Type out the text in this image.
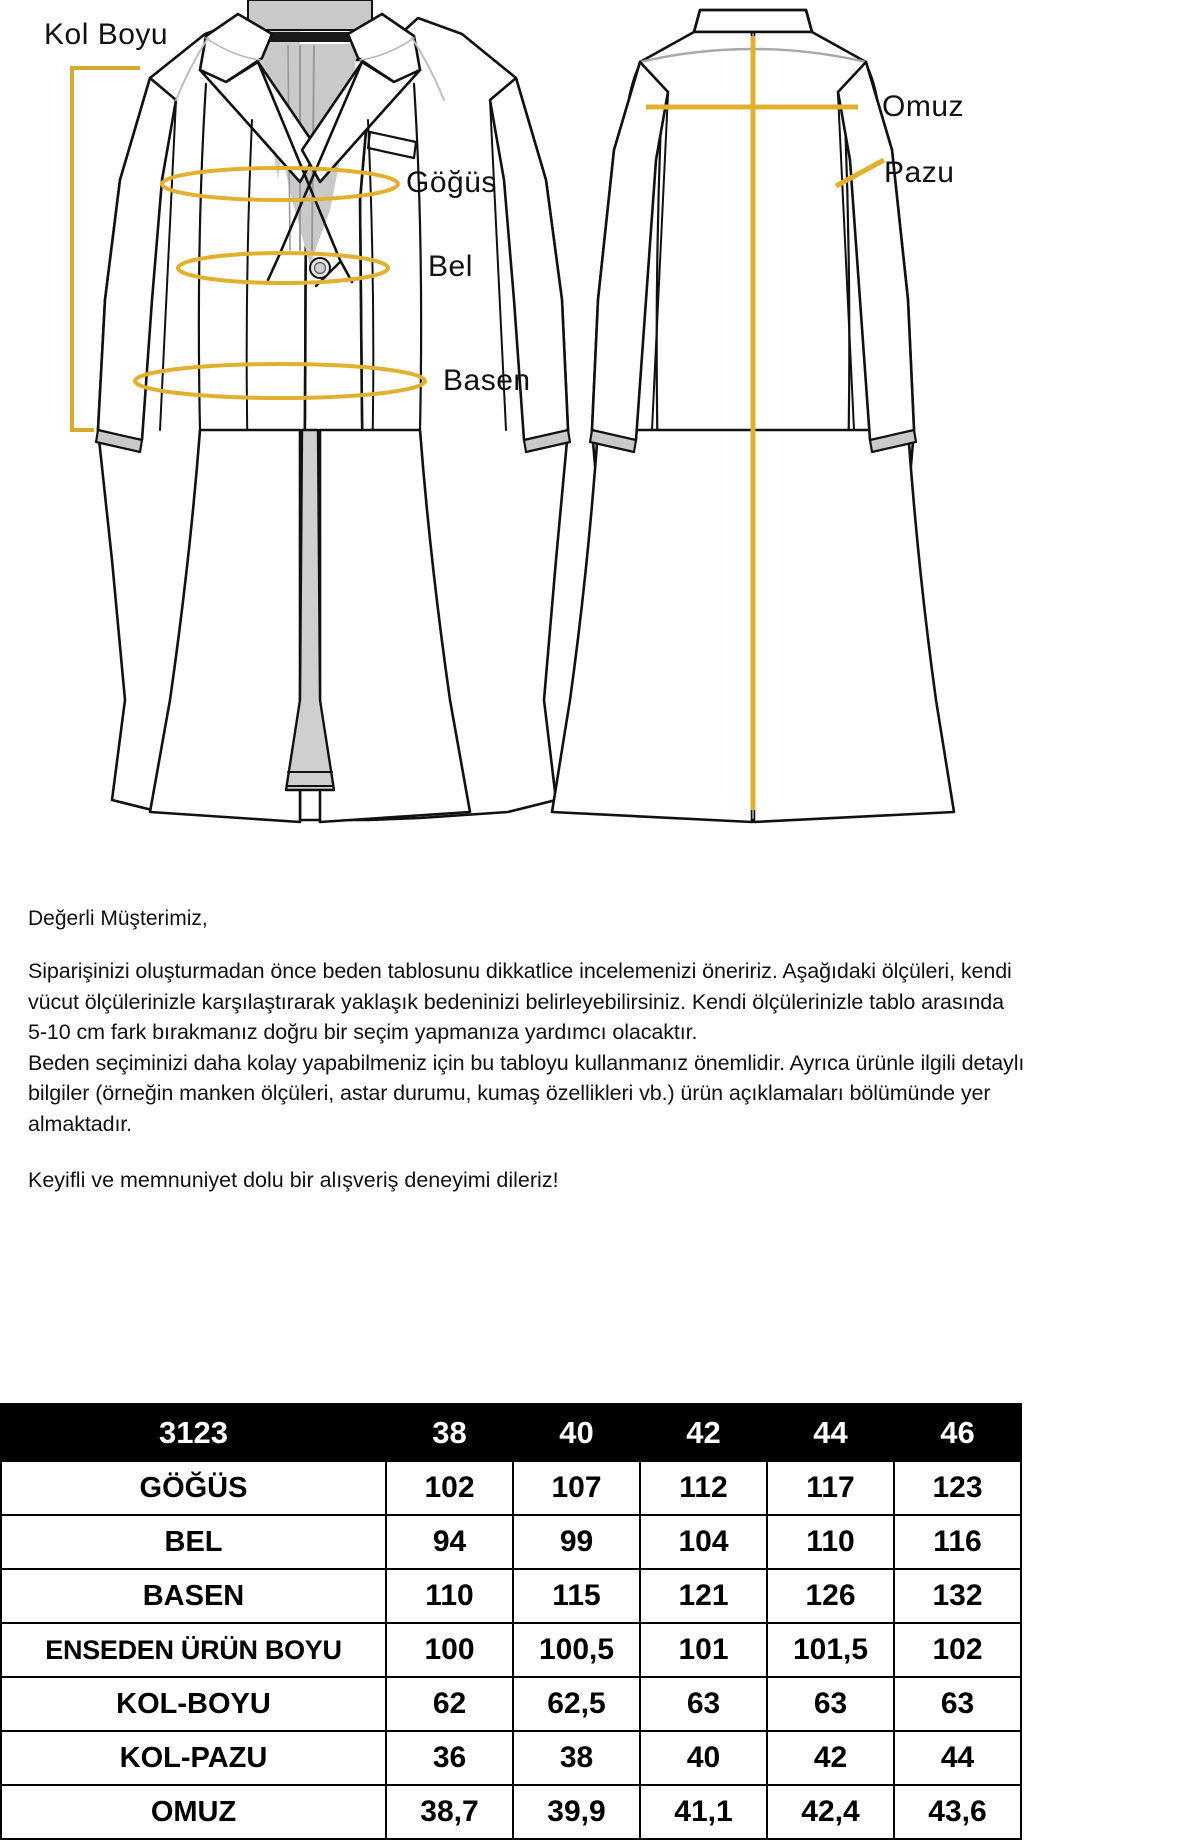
Kol Boyu
Göğüs
Bel
Basen
Omuz
Pazu

Değerli Müşterimiz,

Siparişinizi oluşturmadan önce beden tablosunu dikkatlice incelemenizi öneririz. Aşağıdaki ölçüleri, kendi vücut ölçülerinizle karşılaştırarak yaklaşık bedeninizi belirleyebilirsiniz. Kendi ölçülerinizle tablo arasında 5-10 cm fark bırakmanız doğru bir seçim yapmanıza yardımcı olacaktır.

Beden seçiminizi daha kolay yapabilmeniz için bu tabloyu kullanmanız önemlidir. Ayrıca ürünle ilgili detaylı bilgiler (örneğin manken ölçüleri, astar durumu, kumaş özellikleri vb.) ürün açıklamaları bölümünde yer almaktadır.

Keyifli ve memnuniyet dolu bir alışveriş deneyimi dileriz!

3123	38	40	42	44	46
GÖĞÜS	102	107	112	117	123
BEL	94	99	104	110	116
BASEN	110	115	121	126	132
ENSEDEN ÜRÜN BOYU	100	100,5	101	101,5	102
KOL-BOYU	62	62,5	63	63	63
KOL-PAZU	36	38	40	42	44
OMUZ	38,7	39,9	41,1	42,4	43,6
